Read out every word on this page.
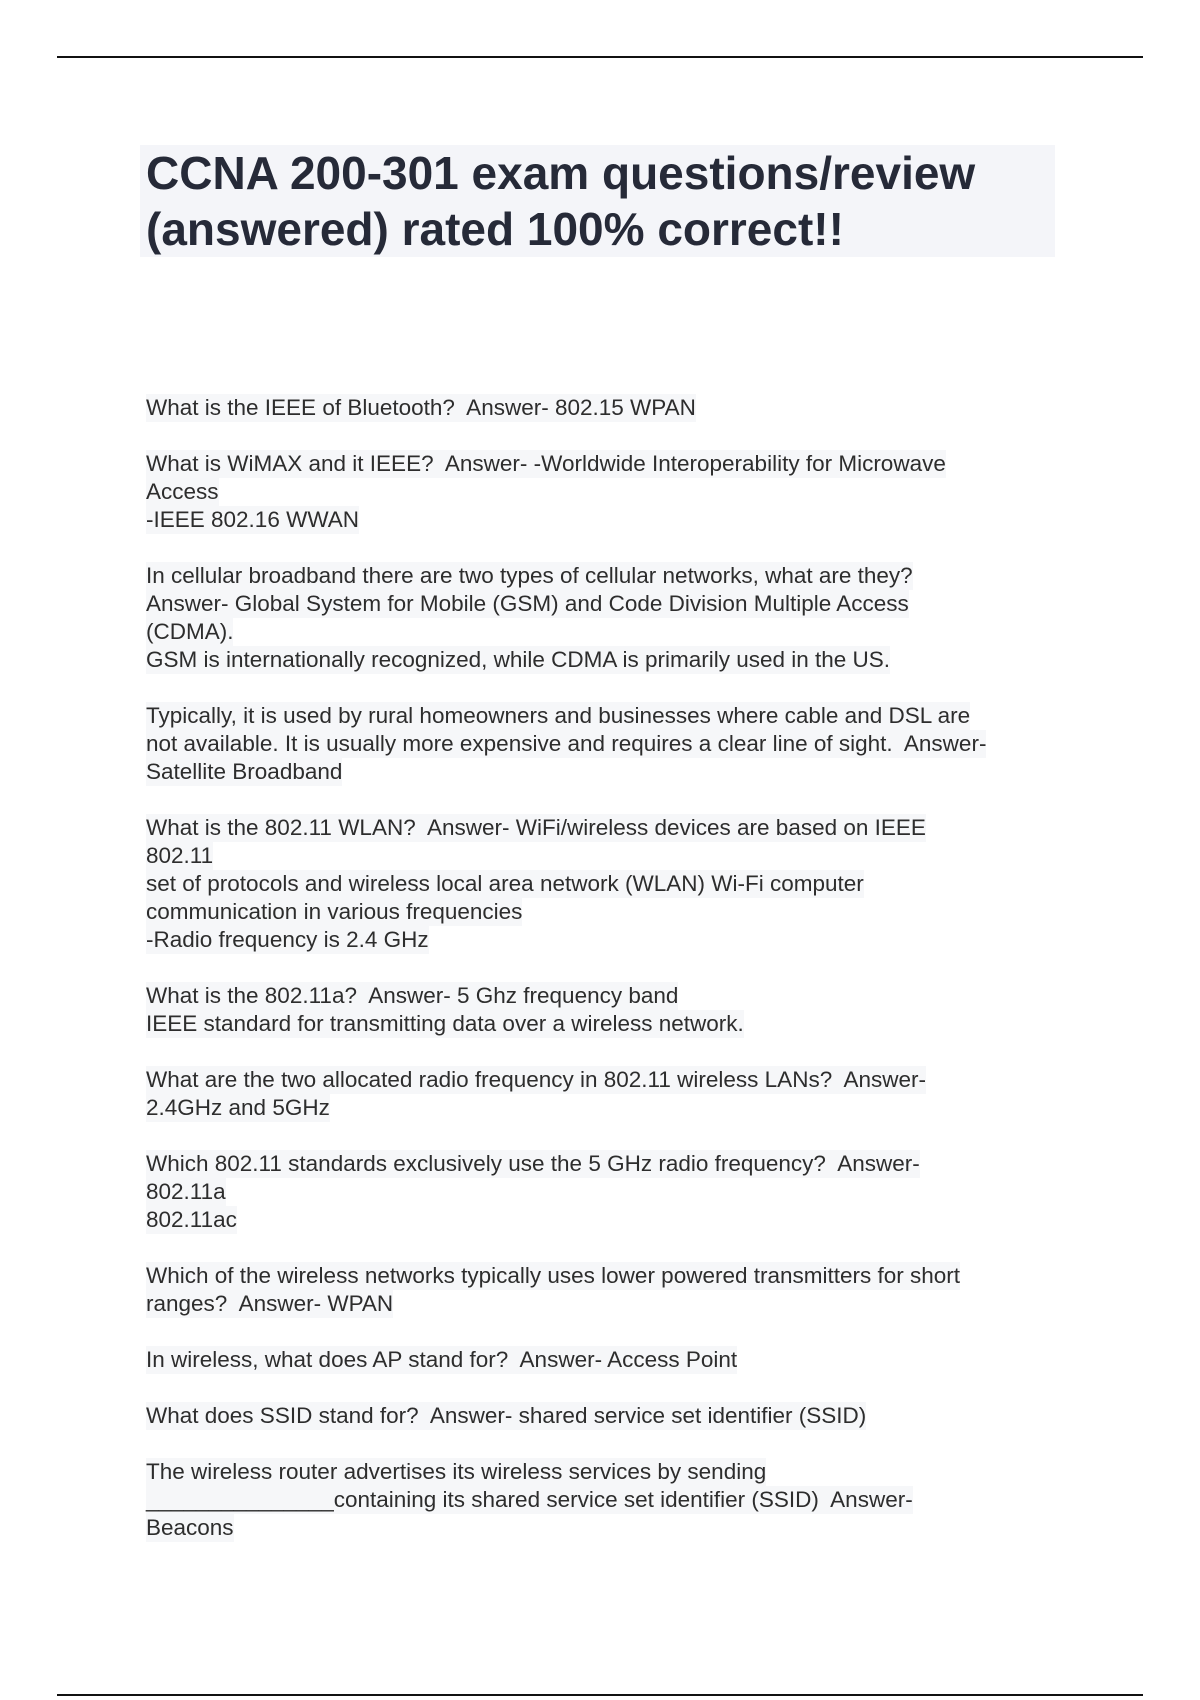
CCNA 200-301 exam questions/review
(answered) rated 100% correct!!
What is the IEEE of Bluetooth?  Answer- 802.15 WPAN
What is WiMAX and it IEEE?  Answer- -Worldwide Interoperability for Microwave
Access
-IEEE 802.16 WWAN
In cellular broadband there are two types of cellular networks, what are they?
Answer- Global System for Mobile (GSM) and Code Division Multiple Access
(CDMA).
GSM is internationally recognized, while CDMA is primarily used in the US.
Typically, it is used by rural homeowners and businesses where cable and DSL are
not available. It is usually more expensive and requires a clear line of sight.  Answer-
Satellite Broadband
What is the 802.11 WLAN?  Answer- WiFi/wireless devices are based on IEEE
802.11
set of protocols and wireless local area network (WLAN) Wi-Fi computer
communication in various frequencies
-Radio frequency is 2.4 GHz
What is the 802.11a?  Answer- 5 Ghz frequency band
IEEE standard for transmitting data over a wireless network.
What are the two allocated radio frequency in 802.11 wireless LANs?  Answer-
2.4GHz and 5GHz
Which 802.11 standards exclusively use the 5 GHz radio frequency?  Answer-
802.11a
802.11ac
Which of the wireless networks typically uses lower powered transmitters for short
ranges?  Answer- WPAN
In wireless, what does AP stand for?  Answer- Access Point
What does SSID stand for?  Answer- shared service set identifier (SSID)
The wireless router advertises its wireless services by sending
_______________containing its shared service set identifier (SSID)  Answer-
Beacons
